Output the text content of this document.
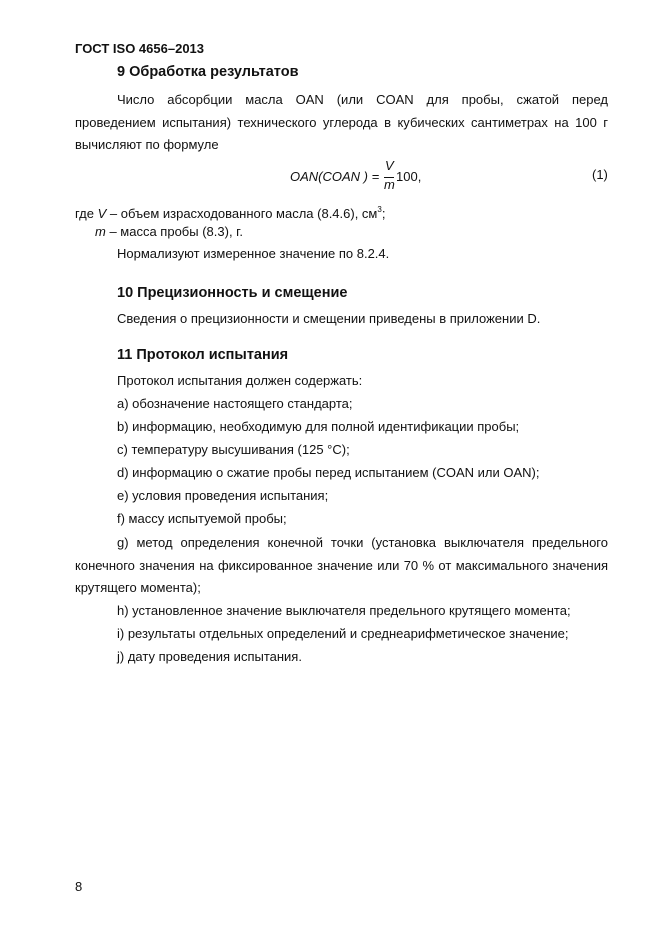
ГОСТ ISO 4656–2013
9 Обработка результатов
Число абсорбции масла OAN (или COAN для пробы, сжатой перед проведением испытания) технического углерода в кубических сантиметрах на 100 г вычисляют по формуле
OAN(COAN ) =
V
m
100,	(1)
где V – объем израсходованного масла (8.4.6), $см^3$;
m – масса пробы (8.3), г.
Нормализуют измеренное значение по 8.2.4.
10 Прецизионность и смещение
Сведения о прецизионности и смещении приведены в приложении D.
11 Протокол испытания
Протокол испытания должен содержать:
а) обозначение настоящего стандарта;
b) информацию, необходимую для полной идентификации пробы;
с) температуру высушивания (125 °С);
d) информацию о сжатие пробы перед испытанием (COAN или OAN);
е) условия проведения испытания;
f) массу испытуемой пробы;
g) метод определения конечной точки (установка выключателя предельного конечного значения на фиксированное значение или 70 % от максимального значения крутящего момента);
h) установленное значение выключателя предельного крутящего момента;
i) результаты отдельных определений и среднеарифметическое значение;
j) дату проведения испытания.
8
